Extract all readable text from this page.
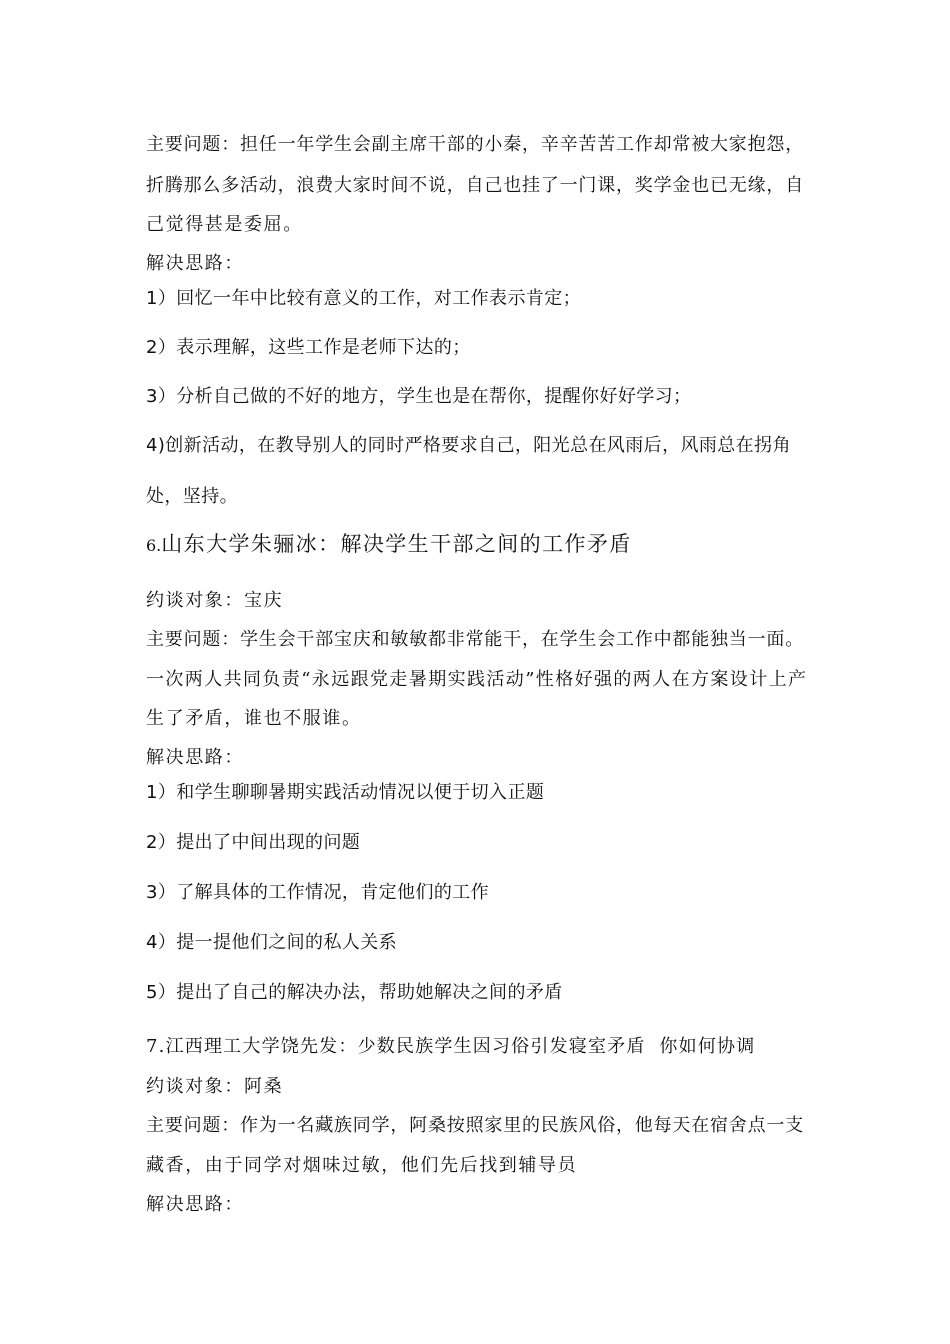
主要问题：担任一年学生会副主席干部的小秦，辛辛苦苦工作却常被大家抱怨，
折腾那么多活动，浪费大家时间不说，自己也挂了一门课，奖学金也已无缘，自
己觉得甚是委屈。
解决思路：
1）回忆一年中比较有意义的工作，对工作表示肯定；
2）表示理解，这些工作是老师下达的；
3）分析自己做的不好的地方，学生也是在帮你，提醒你好好学习；
4)创新活动，在教导别人的同时严格要求自己，阳光总在风雨后，风雨总在拐角
处，坚持。
6.山东大学朱骊冰：解决学生干部之间的工作矛盾
约谈对象：宝庆
主要问题：学生会干部宝庆和敏敏都非常能干，在学生会工作中都能独当一面。
一次两人共同负责“永远跟党走暑期实践活动”性格好强的两人在方案设计上产
生了矛盾，谁也不服谁。
解决思路：
1）和学生聊聊暑期实践活动情况以便于切入正题
2）提出了中间出现的问题
3）了解具体的工作情况，肯定他们的工作
4）提一提他们之间的私人关系
5）提出了自己的解决办法，帮助她解决之间的矛盾
7.江西理工大学饶先发：少数民族学生因习俗引发寝室矛盾  你如何协调
约谈对象：阿桑
主要问题：作为一名藏族同学，阿桑按照家里的民族风俗，他每天在宿舍点一支
藏香，由于同学对烟味过敏，他们先后找到辅导员
解决思路：
